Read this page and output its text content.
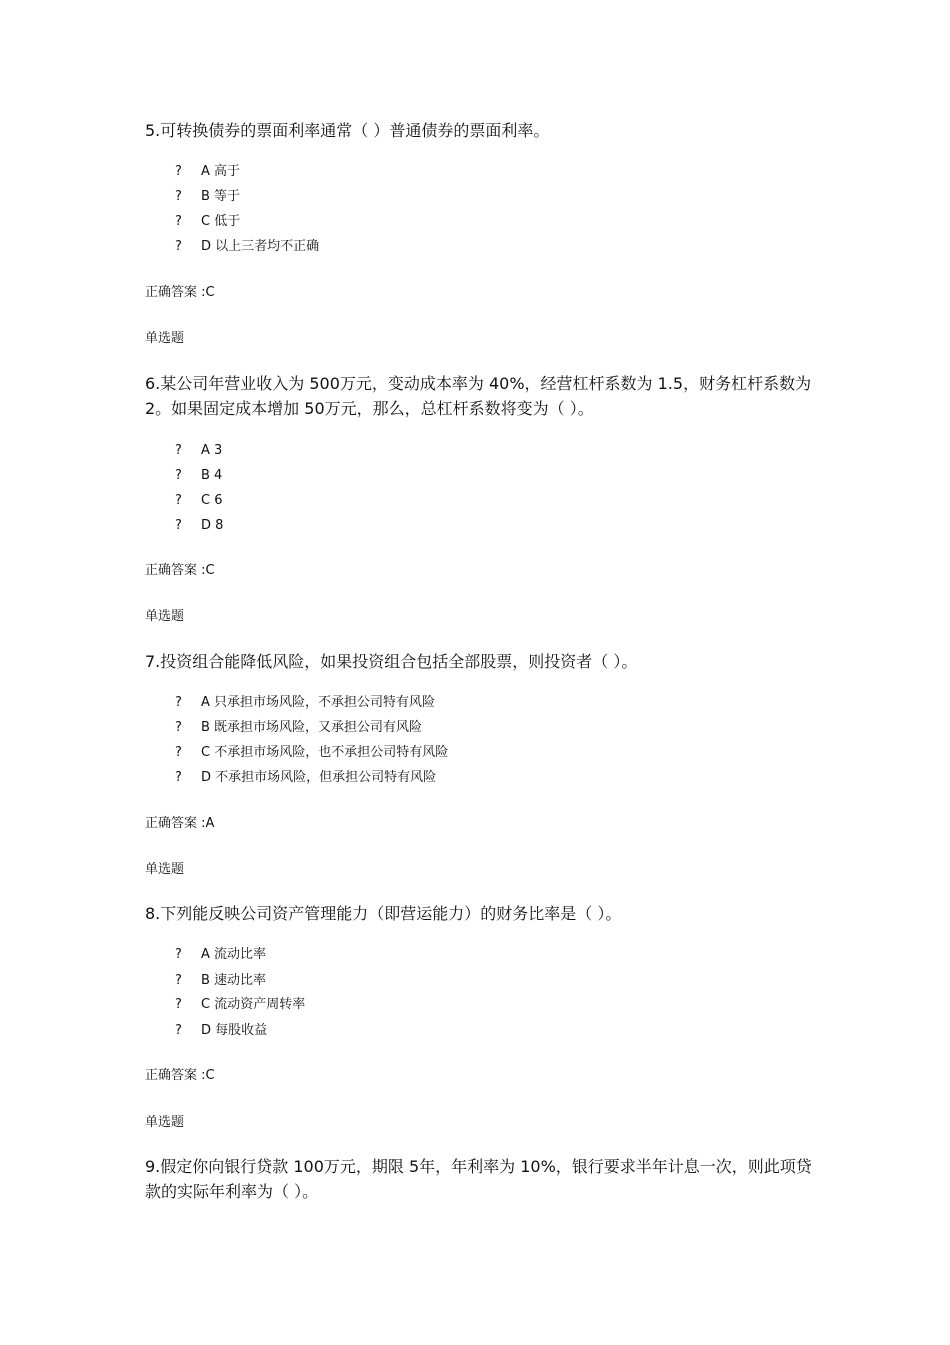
5.可转换债券的票面利率通常（ ）普通债券的票面利率。
? A 高于
? B 等于
? C 低于
? D 以上三者均不正确
正确答案 :C
单选题
6.某公司年营业收入为 500万元，变动成本率为 40%，经营杠杆系数为 1.5，财务杠杆系数为 2。如果固定成本增加 50万元，那么，总杠杆系数将变为（ ）。
? A 3
? B 4
? C 6
? D 8
正确答案 :C
单选题
7.投资组合能降低风险，如果投资组合包括全部股票，则投资者（ ）。
? A 只承担市场风险，不承担公司特有风险
? B 既承担市场风险，又承担公司有风险
? C 不承担市场风险，也不承担公司特有风险
? D 不承担市场风险，但承担公司特有风险
正确答案 :A
单选题
8.下列能反映公司资产管理能力（即营运能力）的财务比率是（ ）。
? A 流动比率
? B 速动比率
? C 流动资产周转率
? D 每股收益
正确答案 :C
单选题
9.假定你向银行贷款 100万元，期限 5年，年利率为 10%，银行要求半年计息一次，则此项贷款的实际年利率为（ ）。
